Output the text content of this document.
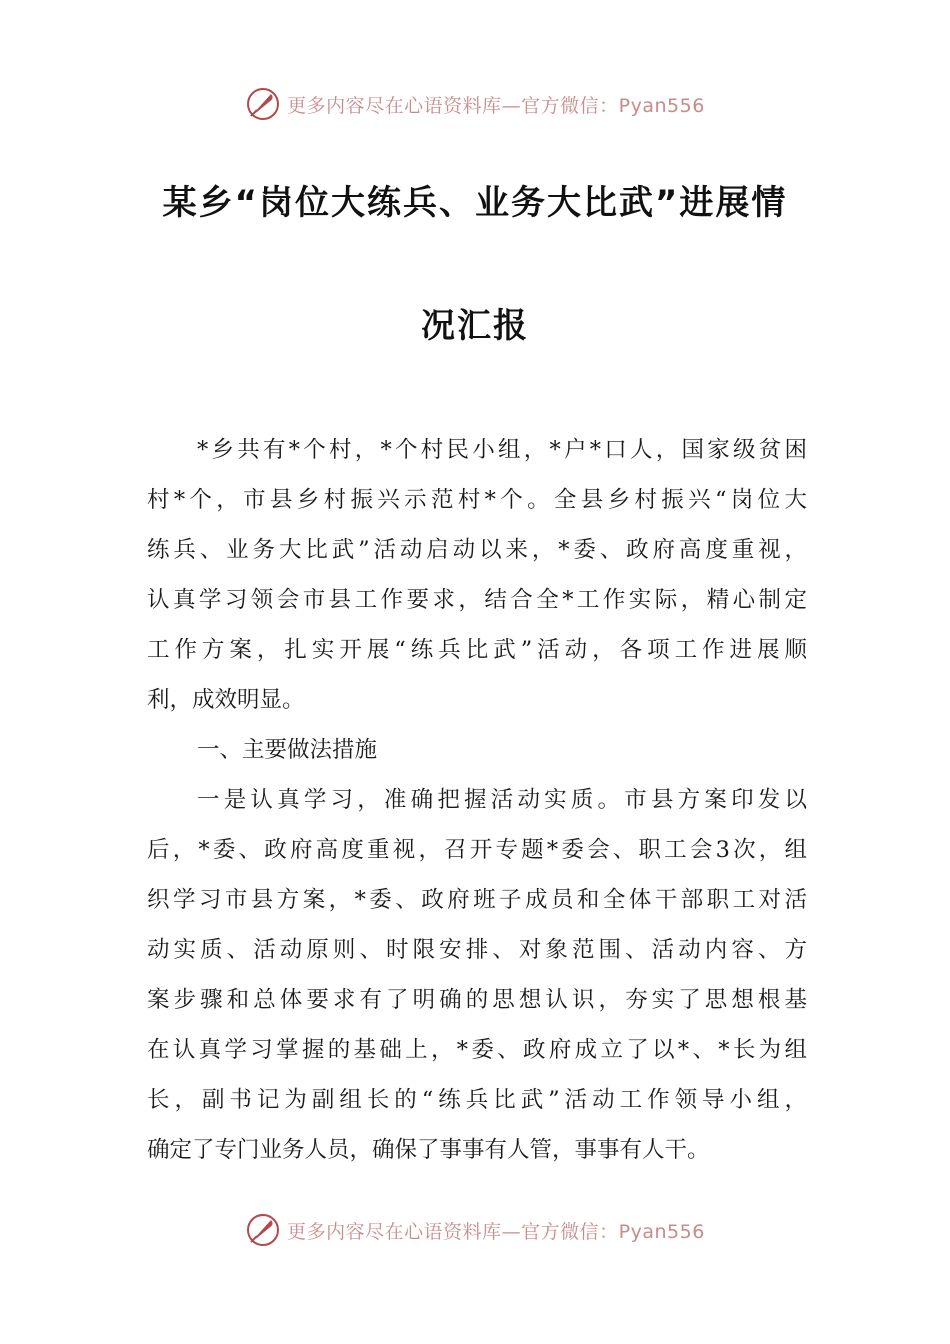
更多内容尽在心语资料库—官方微信：Pyan556
某乡“岗位大练兵、业务大比武”进展情
况汇报
*乡共有*个村，*个村民小组，*户*口人，国家级贫困
村*个，市县乡村振兴示范村*个。全县乡村振兴“岗位大
练兵、业务大比武”活动启动以来，*委、政府高度重视，
认真学习领会市县工作要求，结合全*工作实际，精心制定
工作方案，扎实开展“练兵比武”活动，各项工作进展顺
利，成效明显。
一、主要做法措施
一是认真学习，准确把握活动实质。市县方案印发以
后，*委、政府高度重视，召开专题*委会、职工会3次，组
织学习市县方案，*委、政府班子成员和全体干部职工对活
动实质、活动原则、时限安排、对象范围、活动内容、方
案步骤和总体要求有了明确的思想认识，夯实了思想根基
在认真学习掌握的基础上，*委、政府成立了以*、*长为组
长，副书记为副组长的“练兵比武”活动工作领导小组，
确定了专门业务人员，确保了事事有人管，事事有人干。
更多内容尽在心语资料库—官方微信：Pyan556
